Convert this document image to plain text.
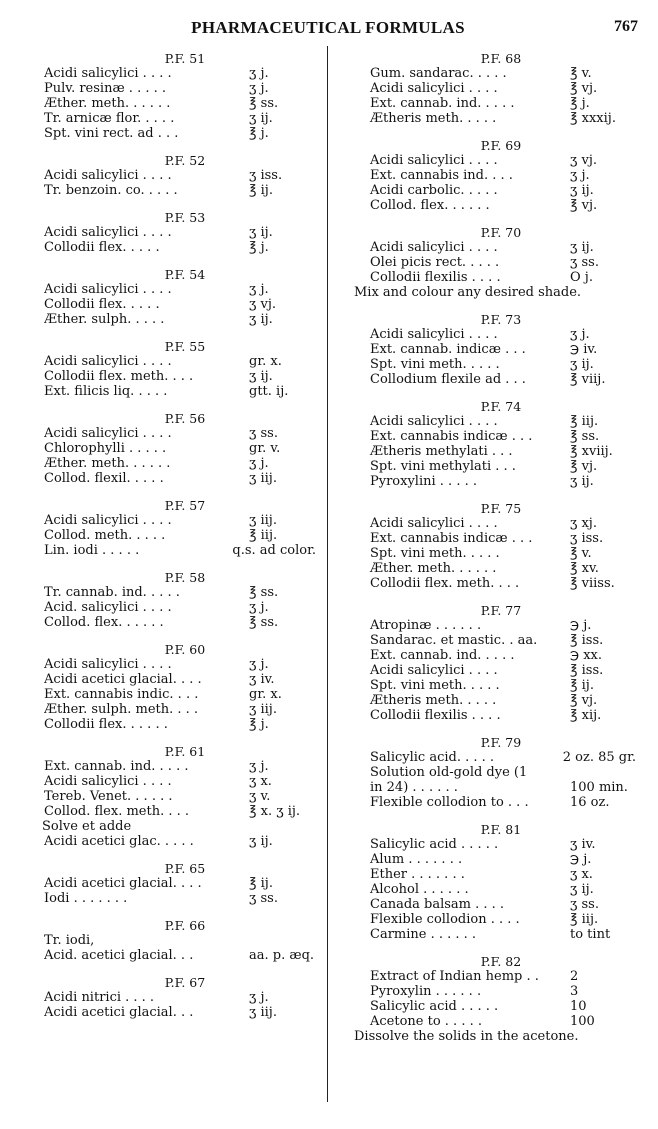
PHARMACEUTICAL FORMULAS	767
P.F. 51
Acidi salicylici . . . .	ʒ j.
Pulv. resinæ . . . . .	ʒ j.
Æther. meth. . . . . .	℥ ss.
Tr. arnicæ flor. . . . .	ʒ ij.
Spt. vini rect. ad . . .	℥ j.
P.F. 52
Acidi salicylici . . . .	ʒ iss.
Tr. benzoin. co. . . . .	℥ ij.
P.F. 53
Acidi salicylici . . . .	ʒ ij.
Collodii flex. . . . .	℥ j.
P.F. 54
Acidi salicylici . . . .	ʒ j.
Collodii flex. . . . .	ʒ vj.
Æther. sulph. . . . .	ʒ ij.
P.F. 55
Acidi salicylici . . . .	gr. x.
Collodii flex. meth. . . .	ʒ ij.
Ext. filicis liq. . . . .	gtt. ij.
P.F. 56
Acidi salicylici . . . .	ʒ ss.
Chlorophylli . . . . .	gr. v.
Æther. meth. . . . . .	ʒ j.
Collod. flexil. . . . .	ʒ iij.
P.F. 57
Acidi salicylici . . . .	ʒ iij.
Collod. meth. . . . .	℥ iij.
Lin. iodi . . . . .	q.s. ad color.
P.F. 58
Tr. cannab. ind. . . . .	℥ ss.
Acid. salicylici . . . .	ʒ j.
Collod. flex. . . . . .	℥ ss.
P.F. 60
Acidi salicylici . . . .	ʒ j.
Acidi acetici glacial. . . .	ʒ iv.
Ext. cannabis indic. . . .	gr. x.
Æther. sulph. meth. . . .	ʒ iij.
Collodii flex. . . . . .	℥ j.
P.F. 61
Ext. cannab. ind. . . . .	ʒ j.
Acidi salicylici . . . .	ʒ x.
Tereb. Venet. . . . . .	ʒ v.
Collod. flex. meth. . . .	℥ x. ʒ ij.
Solve et adde
Acidi acetici glac. . . . .	ʒ ij.
P.F. 65
Acidi acetici glacial. . . .	℥ ij.
Iodi . . . . . . .	ʒ ss.
P.F. 66
Tr. iodi,
Acid. acetici glacial. . .	aa. p. æq.
P.F. 67
Acidi nitrici . . . .	ʒ j.
Acidi acetici glacial. . .	ʒ iij.
P.F. 68
Gum. sandarac. . . . .	℥ v.
Acidi salicylici . . . .	℥ vj.
Ext. cannab. ind. . . . .	℥ j.
Ætheris meth. . . . .	℥ xxxij.
P.F. 69
Acidi salicylici . . . .	ʒ vj.
Ext. cannabis ind. . . .	ʒ j.
Acidi carbolic. . . . .	ʒ ij.
Collod. flex. . . . . .	℥ vj.
P.F. 70
Acidi salicylici . . . .	ʒ ij.
Olei picis rect. . . . .	ʒ ss.
Collodii flexilis . . . .	O j.
Mix and colour any desired shade.
P.F. 73
Acidi salicylici . . . .	ʒ j.
Ext. cannab. indicæ . . .	℈ iv.
Spt. vini meth. . . . .	ʒ ij.
Collodium flexile ad . . .	℥ viij.
P.F. 74
Acidi salicylici . . . .	℥ iij.
Ext. cannabis indicæ . . .	℥ ss.
Ætheris methylati . . .	℥ xviij.
Spt. vini methylati . . .	℥ vj.
Pyroxylini . . . . .	ʒ ij.
P.F. 75
Acidi salicylici . . . .	ʒ xj.
Ext. cannabis indicæ . . .	ʒ iss.
Spt. vini meth. . . . .	℥ v.
Æther. meth. . . . . .	℥ xv.
Collodii flex. meth. . . .	℥ viiss.
P.F. 77
Atropinæ . . . . . .	℈ j.
Sandarac. et mastic. . aa.	℥ iss.
Ext. cannab. ind. . . . .	℈ xx.
Acidi salicylici . . . .	℥ iss.
Spt. vini meth. . . . .	℥ ij.
Ætheris meth. . . . .	℥ vj.
Collodii flexilis . . . .	℥ xij.
P.F. 79
Salicylic acid. . . . .	2 oz. 85 gr.
Solution old-gold dye (1
in 24) . . . . . .	100 min.
Flexible collodion to . . .	16 oz.
P.F. 81
Salicylic acid . . . . .	ʒ iv.
Alum . . . . . . .	℈ j.
Ether . . . . . . .	ʒ x.
Alcohol . . . . . .	ʒ ij.
Canada balsam . . . .	ʒ ss.
Flexible collodion . . . .	℥ iij.
Carmine . . . . . .	to tint
P.F. 82
Extract of Indian hemp . .	2
Pyroxylin . . . . . .	3
Salicylic acid . . . . .	10
Acetone to . . . . .	100
Dissolve the solids in the acetone.
